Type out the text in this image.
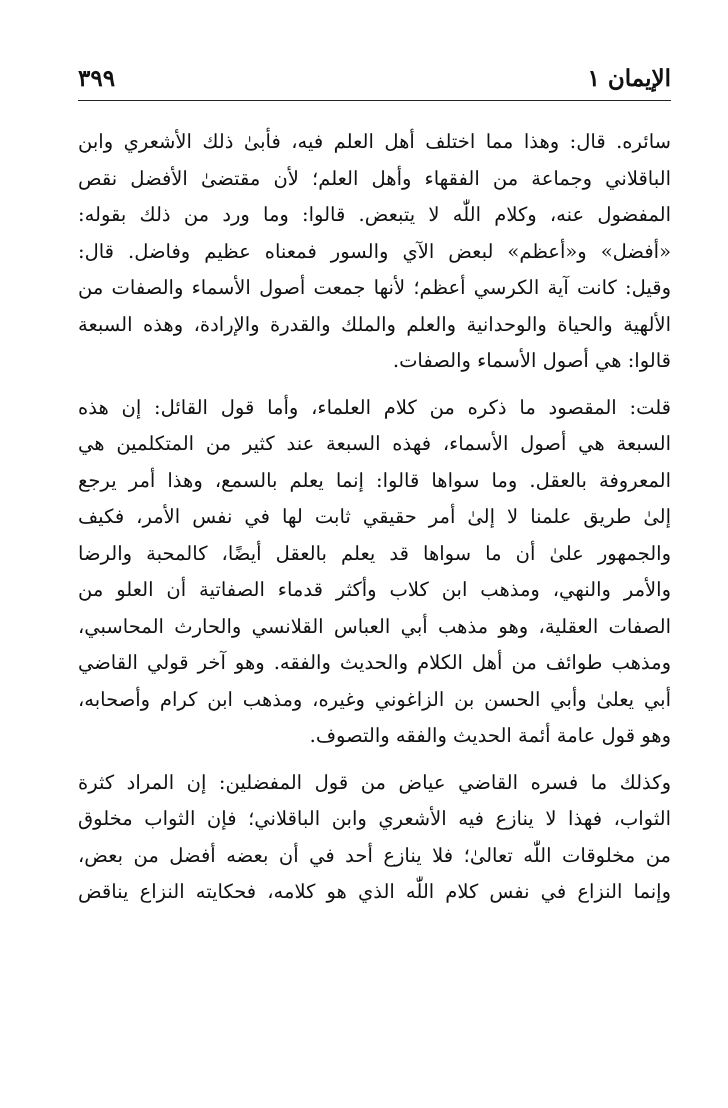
الإيمان ١
٣٩٩
سائره. قال: وهذا مما اختلف أهل العلم فيه، فأبىٰ ذلك الأشعري وابن
الباقلاني وجماعة من الفقهاء وأهل العلم؛ لأن مقتضىٰ الأفضل نقص
المفضول عنه، وكلام اللّٰه لا يتبعض. قالوا: وما ورد من ذلك بقوله:
«أفضل» و«أعظم» لبعض الآي والسور فمعناه عظيم وفاضل. قال:
وقيل: كانت آية الكرسي أعظم؛ لأنها جمعت أصول الأسماء والصفات من
الألهية والحياة والوحدانية والعلم والملك والقدرة والإرادة، وهذه السبعة
قالوا: هي أصول الأسماء والصفات.
قلت: المقصود ما ذكره من كلام العلماء، وأما قول القائل: إن هذه
السبعة هي أصول الأسماء، فهذه السبعة عند كثير من المتكلمين هي
المعروفة بالعقل. وما سواها قالوا: إنما يعلم بالسمع، وهذا أمر يرجع
إلىٰ طريق علمنا لا إلىٰ أمر حقيقي ثابت لها في نفس الأمر، فكيف
والجمهور علىٰ أن ما سواها قد يعلم بالعقل أيضًا، كالمحبة والرضا
والأمر والنهي، ومذهب ابن كلاب وأكثر قدماء الصفاتية أن العلو من
الصفات العقلية، وهو مذهب أبي العباس القلانسي والحارث المحاسبي،
ومذهب طوائف من أهل الكلام والحديث والفقه. وهو آخر قولي القاضي
أبي يعلىٰ وأبي الحسن بن الزاغوني وغيره، ومذهب ابن كرام وأصحابه،
وهو قول عامة أئمة الحديث والفقه والتصوف.
وكذلك ما فسره القاضي عياض من قول المفضلين: إن المراد كثرة
الثواب، فهذا لا ينازع فيه الأشعري وابن الباقلاني؛ فإن الثواب مخلوق
من مخلوقات اللّٰه تعالىٰ؛ فلا ينازع أحد في أن بعضه أفضل من بعض،
وإنما النزاع في نفس كلام اللّٰه الذي هو كلامه، فحكايته النزاع يناقض
